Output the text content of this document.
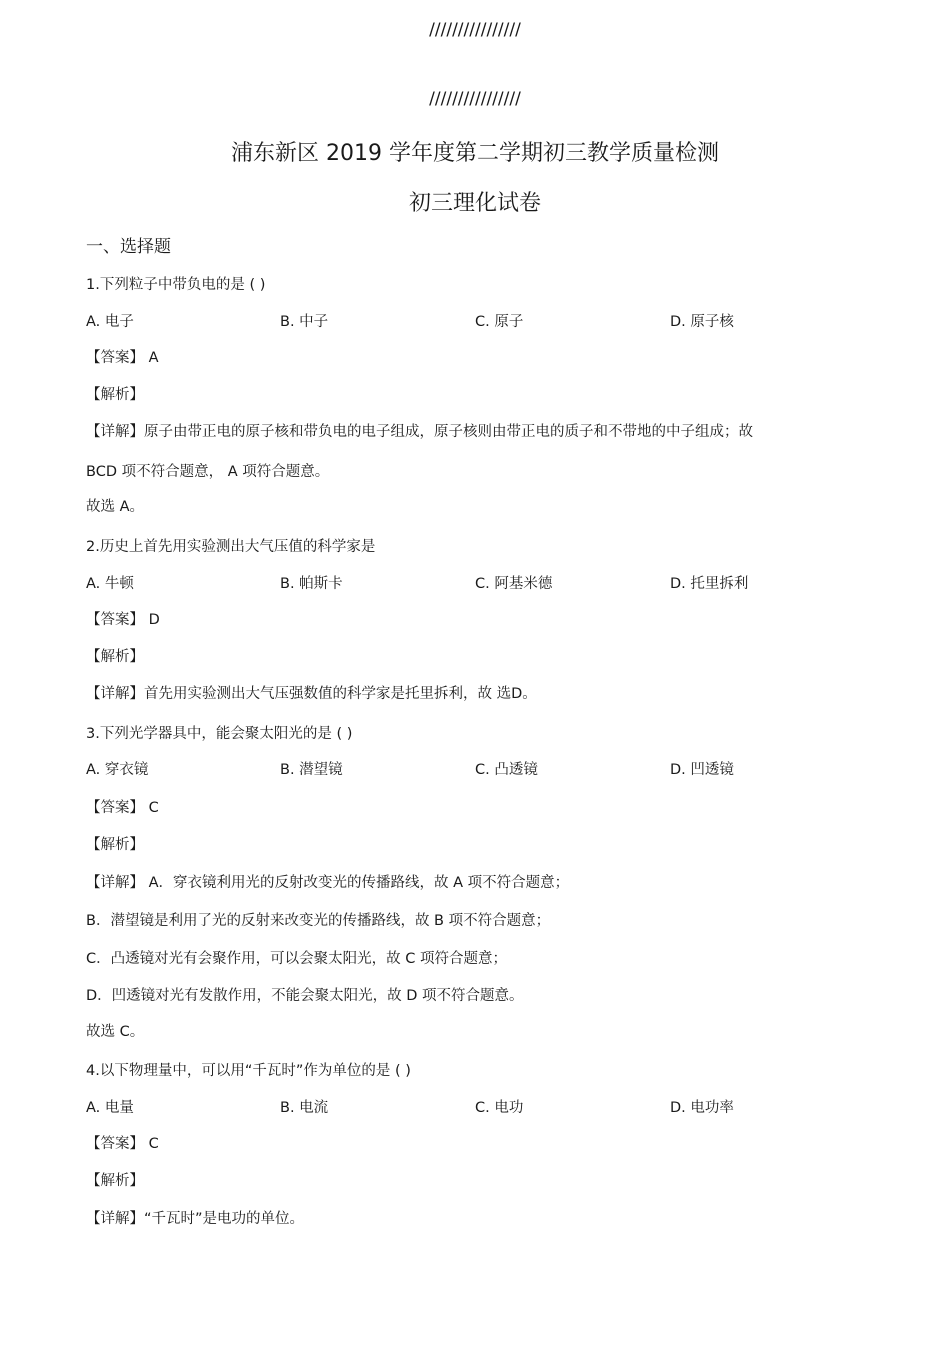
////////////////
////////////////
浦东新区 2019 学年度第二学期初三教学质量检测
初三理化试卷
一、选择题
1.下列粒子中带负电的是 ( )
A. 电子	B. 中子	C. 原子	D. 原子核
【答案】 A
【解析】
【详解】原子由带正电的原子核和带负电的电子组成，原子核则由带正电的质子和不带地的中子组成；故
BCD 项不符合题意， A 项符合题意。
故选 A。
2.历史上首先用实验测出大气压值的科学家是
A. 牛顿	B. 帕斯卡	C. 阿基米德	D. 托里拆利
【答案】 D
【解析】
【详解】首先用实验测出大气压强数值的科学家是托里拆利，故 选D。
3.下列光学器具中，能会聚太阳光的是 ( )
A. 穿衣镜	B. 潜望镜	C. 凸透镜	D. 凹透镜
【答案】 C
【解析】
【详解】 A．穿衣镜利用光的反射改变光的传播路线，故 A 项不符合题意；
B．潜望镜是利用了光的反射来改变光的传播路线，故 B 项不符合题意；
C．凸透镜对光有会聚作用，可以会聚太阳光，故 C 项符合题意；
D．凹透镜对光有发散作用，不能会聚太阳光，故 D 项不符合题意。
故选 C。
4.以下物理量中，可以用“千瓦时”作为单位的是 ( )
A. 电量	B. 电流	C. 电功	D. 电功率
【答案】 C
【解析】
【详解】“千瓦时”是电功的单位。
